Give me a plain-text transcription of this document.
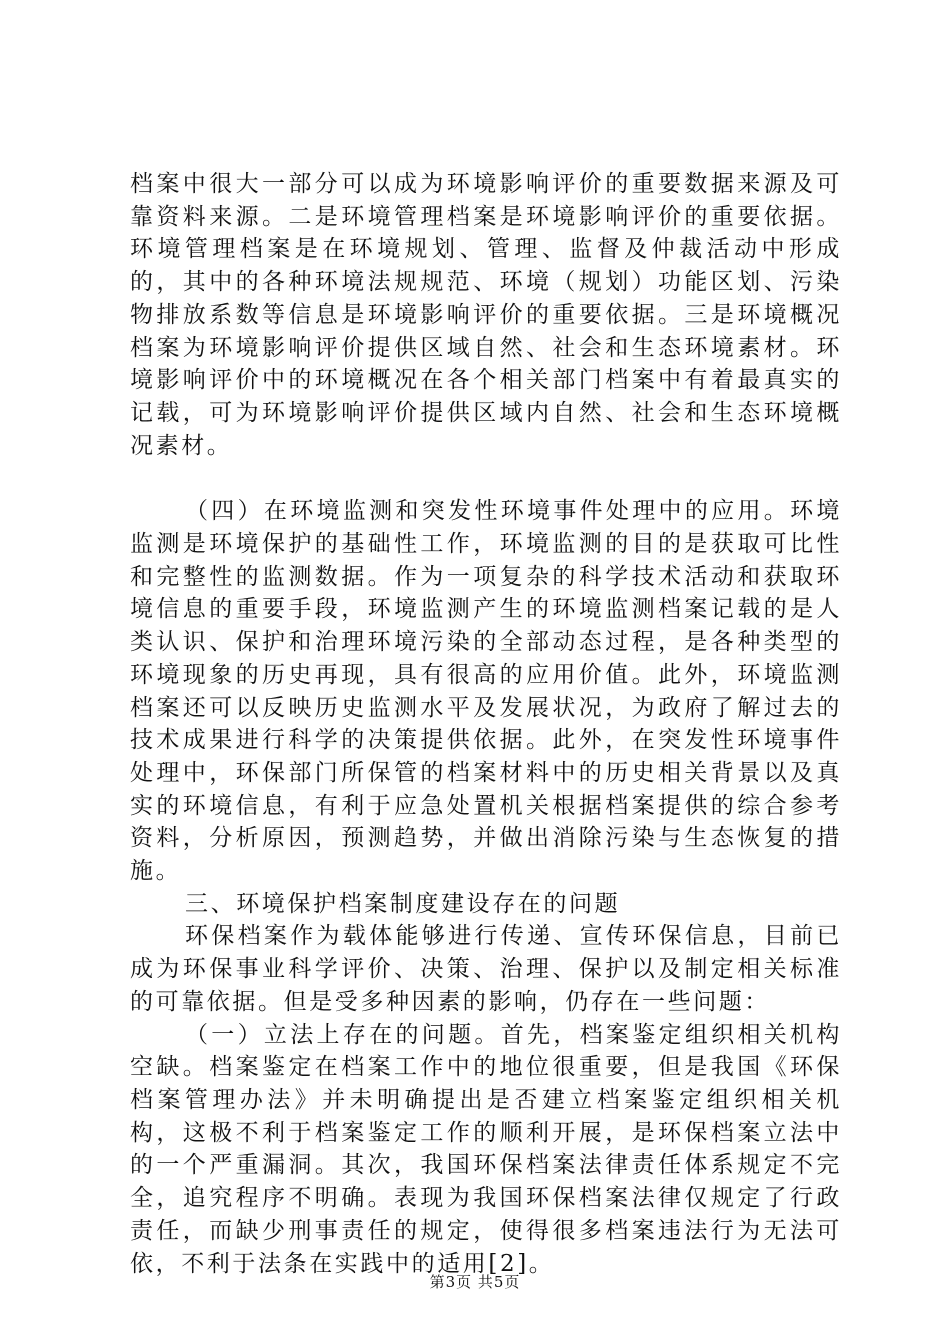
档案中很大一部分可以成为环境影响评价的重要数据来源及可靠资料来源。二是环境管理档案是环境影响评价的重要依据。环境管理档案是在环境规划、管理、监督及仲裁活动中形成的，其中的各种环境法规规范、环境（规划）功能区划、污染物排放系数等信息是环境影响评价的重要依据。三是环境概况档案为环境影响评价提供区域自然、社会和生态环境素材。环境影响评价中的环境概况在各个相关部门档案中有着最真实的记载，可为环境影响评价提供区域内自然、社会和生态环境概况素材。

（四）在环境监测和突发性环境事件处理中的应用。环境监测是环境保护的基础性工作，环境监测的目的是获取可比性和完整性的监测数据。作为一项复杂的科学技术活动和获取环境信息的重要手段，环境监测产生的环境监测档案记载的是人类认识、保护和治理环境污染的全部动态过程，是各种类型的环境现象的历史再现，具有很高的应用价值。此外，环境监测档案还可以反映历史监测水平及发展状况，为政府了解过去的技术成果进行科学的决策提供依据。此外，在突发性环境事件处理中，环保部门所保管的档案材料中的历史相关背景以及真实的环境信息，有利于应急处置机关根据档案提供的综合参考资料，分析原因，预测趋势，并做出消除污染与生态恢复的措施。

三、环境保护档案制度建设存在的问题

环保档案作为载体能够进行传递、宣传环保信息，目前已成为环保事业科学评价、决策、治理、保护以及制定相关标准的可靠依据。但是受多种因素的影响，仍存在一些问题：

（一）立法上存在的问题。首先，档案鉴定组织相关机构空缺。档案鉴定在档案工作中的地位很重要，但是我国《环保档案管理办法》并未明确提出是否建立档案鉴定组织相关机构，这极不利于档案鉴定工作的顺利开展，是环保档案立法中的一个严重漏洞。其次，我国环保档案法律责任体系规定不完全，追究程序不明确。表现为我国环保档案法律仅规定了行政责任，而缺少刑事责任的规定，使得很多档案违法行为无法可依，不利于法条在实践中的适用[2]。

第3页 共5页
